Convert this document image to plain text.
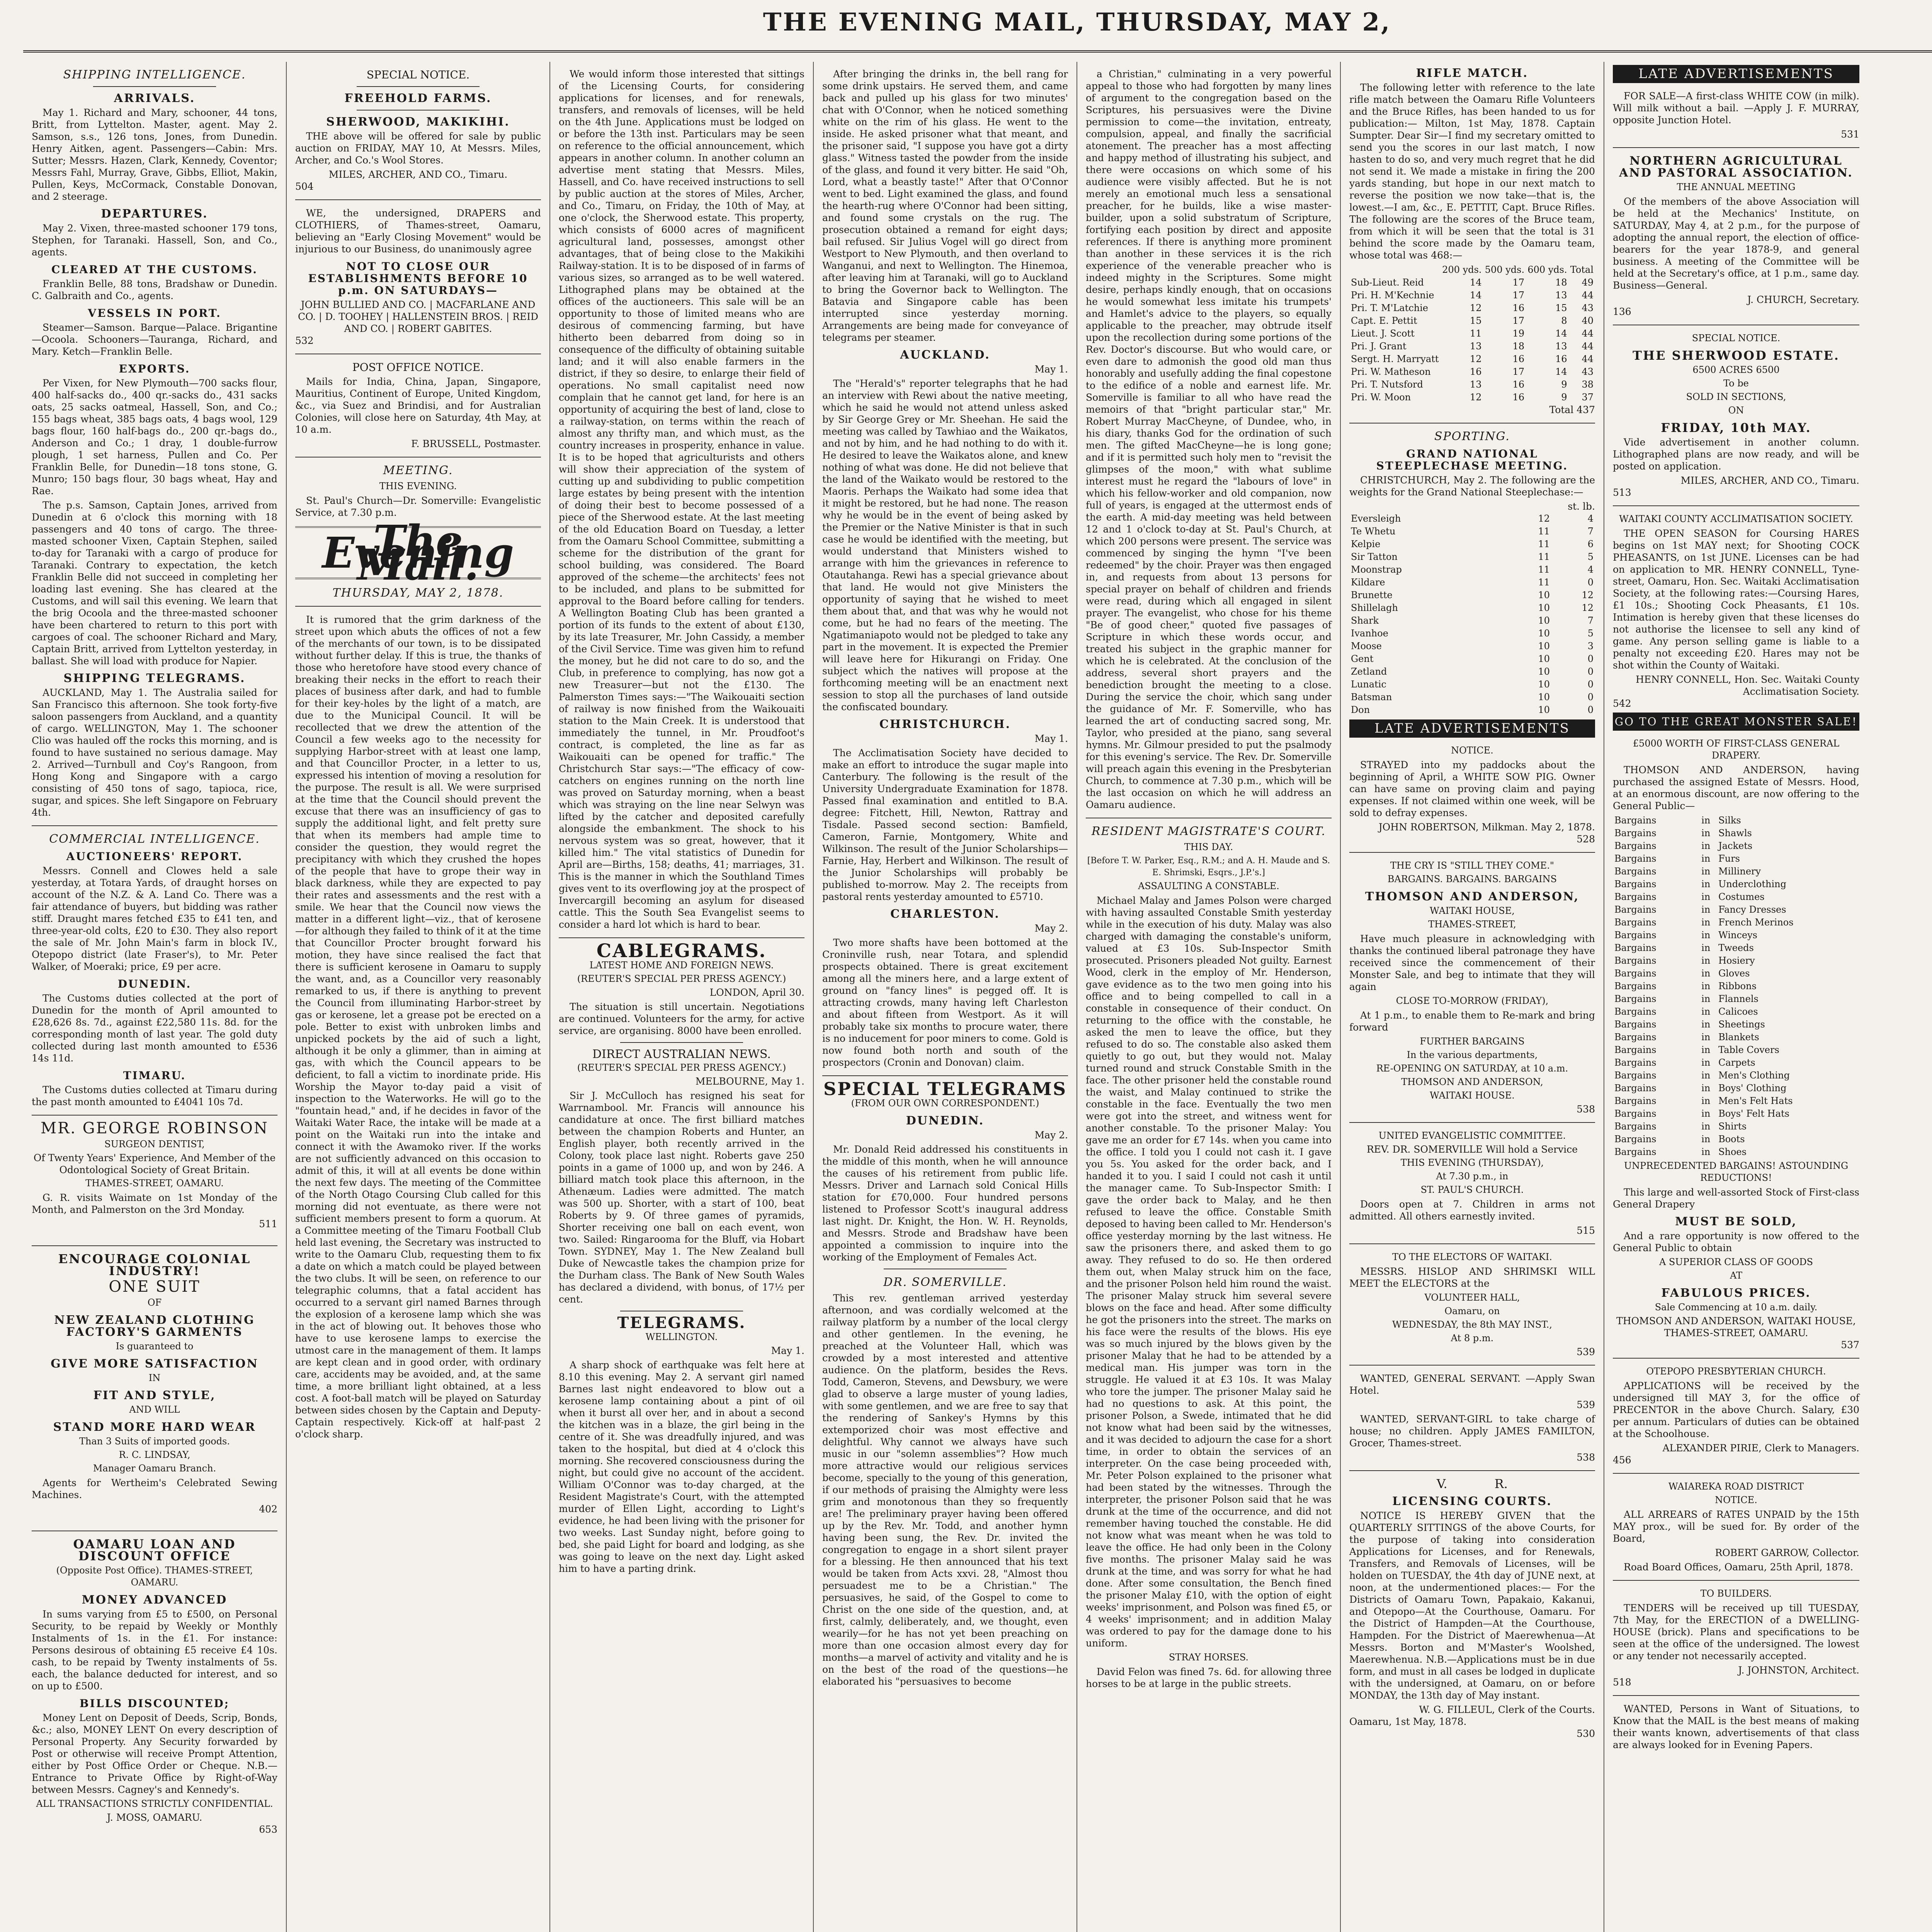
THE EVENING MAIL, THURSDAY, MAY 2,
SHIPPING INTELLIGENCE.
ARRIVALS.
May 1. Richard and Mary, schooner, 44 tons, Britt, from Lyttelton. Master, agent. May 2. Samson, s.s., 126 tons, Jones, from Dunedin. Henry Aitken, agent. Passengers—Cabin: Mrs. Sutter; Messrs. Hazen, Clark, Kennedy, Coventor; Messrs Fahl, Murray, Grave, Gibbs, Elliot, Makin, Pullen, Keys, McCormack, Constable Donovan, and 2 steerage.
DEPARTURES.
May 2. Vixen, three-masted schooner 179 tons, Stephen, for Taranaki. Hassell, Son, and Co., agents.
CLEARED AT THE CUSTOMS.
Franklin Belle, 88 tons, Bradshaw or Dunedin. C. Galbraith and Co., agents.
VESSELS IN PORT.
Steamer—Samson. Barque—Palace. Brigantine—Ocoola. Schooners—Tauranga, Richard, and Mary. Ketch—Franklin Belle.
EXPORTS.
Per Vixen, for New Plymouth—700 sacks flour, 400 half-sacks do., 400 qr.-sacks do., 431 sacks oats, 25 sacks oatmeal, Hassell, Son, and Co.; 155 bags wheat, 385 bags oats, 4 bags wool, 129 bags flour, 160 half-bags do., 200 qr.-bags do., Anderson and Co.; 1 dray, 1 double-furrow plough, 1 set harness, Pullen and Co. Per Franklin Belle, for Dunedin—18 tons stone, G. Munro; 150 bags flour, 30 bags wheat, Hay and Rae.
The p.s. Samson, Captain Jones, arrived from Dunedin at 6 o'clock this morning with 18 passengers and 40 tons of cargo. The three-masted schooner Vixen, Captain Stephen, sailed to-day for Taranaki with a cargo of produce for Taranaki. Contrary to expectation, the ketch Franklin Belle did not succeed in completing her loading last evening. She has cleared at the Customs, and will sail this evening. We learn that the brig Ocoola and the three-masted schooner have been chartered to return to this port with cargoes of coal. The schooner Richard and Mary, Captain Britt, arrived from Lyttelton yesterday, in ballast. She will load with produce for Napier.
SHIPPING TELEGRAMS.
AUCKLAND, May 1. The Australia sailed for San Francisco this afternoon. She took forty-five saloon passengers from Auckland, and a quantity of cargo. WELLINGTON, May 1. The schooner Clio was hauled off the rocks this morning, and is found to have sustained no serious damage. May 2. Arrived—Turnbull and Coy's Rangoon, from Hong Kong and Singapore with a cargo consisting of 450 tons of sago, tapioca, rice, sugar, and spices. She left Singapore on February 4th.
COMMERCIAL INTELLIGENCE.
AUCTIONEERS' REPORT.
Messrs. Connell and Clowes held a sale yesterday, at Totara Yards, of draught horses on account of the N.Z. & A. Land Co. There was a fair attendance of buyers, but bidding was rather stiff. Draught mares fetched £35 to £41 ten, and three-year-old colts, £20 to £30. They also report the sale of Mr. John Main's farm in block IV., Otepopo district (late Fraser's), to Mr. Peter Walker, of Moeraki; price, £9 per acre.
DUNEDIN.
The Customs duties collected at the port of Dunedin for the month of April amounted to £28,626 8s. 7d., against £22,580 11s. 8d. for the corresponding month of last year. The gold duty collected during last month amounted to £536 14s 11d.
TIMARU.
The Customs duties collected at Timaru during the past month amounted to £4041 10s 7d.
MR. GEORGE ROBINSON
SURGEON DENTIST,
Of Twenty Years' Experience, And Member of the Odontological Society of Great Britain.
THAMES-STREET, OAMARU.
G. R. visits Waimate on 1st Monday of the Month, and Palmerston on the 3rd Monday.
511
ENCOURAGE COLONIAL INDUSTRY!
ONE SUIT
OF
NEW ZEALAND CLOTHING FACTORY'S GARMENTS
Is guaranteed to
GIVE MORE SATISFACTION
IN
FIT AND STYLE,
AND WILL
STAND MORE HARD WEAR
Than 3 Suits of imported goods.
R. C. LINDSAY,
Manager Oamaru Branch.
Agents for Wertheim's Celebrated Sewing Machines.
402
OAMARU LOAN AND DISCOUNT OFFICE
(Opposite Post Office). THAMES-STREET, OAMARU.
MONEY ADVANCED
In sums varying from £5 to £500, on Personal Security, to be repaid by Weekly or Monthly Instalments of 1s. in the £1. For instance: Persons desirous of obtaining £5 receive £4 10s. cash, to be repaid by Twenty instalments of 5s. each, the balance deducted for interest, and so on up to £500.
BILLS DISCOUNTED;
Money Lent on Deposit of Deeds, Scrip, Bonds, &c.; also, MONEY LENT On every description of Personal Property. Any Security forwarded by Post or otherwise will receive Prompt Attention, either by Post Office Order or Cheque. N.B.—Entrance to Private Office by Right-of-Way between Messrs. Cagney's and Kennedy's.
ALL TRANSACTIONS STRICTLY CONFIDENTIAL.
J. MOSS, OAMARU.
653
SPECIAL NOTICE.
FREEHOLD FARMS.
SHERWOOD, MAKIKIHI.
THE above will be offered for sale by public auction on FRIDAY, MAY 10, At Messrs. Miles, Archer, and Co.'s Wool Stores.
MILES, ARCHER, AND CO., Timaru.
504
WE, the undersigned, DRAPERS and CLOTHIERS, of Thames-street, Oamaru, believing an "Early Closing Movement" would be injurious to our Business, do unanimously agree
NOT TO CLOSE OUR ESTABLISHMENTS BEFORE 10 p.m. ON SATURDAYS—
JOHN BULLIED AND CO. | MACFARLANE AND CO. | D. TOOHEY | HALLENSTEIN BROS. | REID AND CO. | ROBERT GABITES.
532
POST OFFICE NOTICE.
Mails for India, China, Japan, Singapore, Mauritius, Continent of Europe, United Kingdom, &c., via Suez and Brindisi, and for Australian Colonies, will close here on Saturday, 4th May, at 10 a.m.
F. BRUSSELL, Postmaster.
MEETING.
THIS EVENING.
St. Paul's Church—Dr. Somerville: Evangelistic Service, at 7.30 p.m.
The Evening Mail.
THURSDAY, MAY 2, 1878.
It is rumored that the grim darkness of the street upon which abuts the offices of not a few of the merchants of our town, is to be dissipated without further delay. If this is true, the thanks of those who heretofore have stood every chance of breaking their necks in the effort to reach their places of business after dark, and had to fumble for their key-holes by the light of a match, are due to the Municipal Council. It will be recollected that we drew the attention of the Council a few weeks ago to the necessity for supplying Harbor-street with at least one lamp, and that Councillor Procter, in a letter to us, expressed his intention of moving a resolution for the purpose. The result is all. We were surprised at the time that the Council should prevent the excuse that there was an insufficiency of gas to supply the additional light, and felt pretty sure that when its members had ample time to consider the question, they would regret the precipitancy with which they crushed the hopes of the people that have to grope their way in black darkness, while they are expected to pay their rates and assessments and the rest with a smile. We hear that the Council now views the matter in a different light—viz., that of kerosene—for although they failed to think of it at the time that Councillor Procter brought forward his motion, they have since realised the fact that there is sufficient kerosene in Oamaru to supply the want, and, as a Councillor very reasonably remarked to us, if there is anything to prevent the Council from illuminating Harbor-street by gas or kerosene, let a grease pot be erected on a pole. Better to exist with unbroken limbs and unpicked pockets by the aid of such a light, although it be only a glimmer, than in aiming at gas, with which the Council appears to be deficient, to fall a victim to inordinate pride. His Worship the Mayor to-day paid a visit of inspection to the Waterworks. He will go to the "fountain head," and, if he decides in favor of the Waitaki Water Race, the intake will be made at a point on the Waitaki run into the intake and connect it with the Awamoko river. If the works are not sufficiently advanced on this occasion to admit of this, it will at all events be done within the next few days. The meeting of the Committee of the North Otago Coursing Club called for this morning did not eventuate, as there were not sufficient members present to form a quorum. At a Committee meeting of the Timaru Football Club held last evening, the Secretary was instructed to write to the Oamaru Club, requesting them to fix a date on which a match could be played between the two clubs. It will be seen, on reference to our telegraphic columns, that a fatal accident has occurred to a servant girl named Barnes through the explosion of a kerosene lamp which she was in the act of blowing out. It behoves those who have to use kerosene lamps to exercise the utmost care in the management of them. It lamps are kept clean and in good order, with ordinary care, accidents may be avoided, and, at the same time, a more brilliant light obtained, at a less cost. A foot-ball match will be played on Saturday between sides chosen by the Captain and Deputy-Captain respectively. Kick-off at half-past 2 o'clock sharp.
We would inform those interested that sittings of the Licensing Courts, for considering applications for licenses, and for renewals, transfers, and removals of licenses, will be held on the 4th June. Applications must be lodged on or before the 13th inst. Particulars may be seen on reference to the official announcement, which appears in another column. In another column an advertise ment stating that Messrs. Miles, Hassell, and Co. have received instructions to sell by public auction at the stores of Miles, Archer, and Co., Timaru, on Friday, the 10th of May, at one o'clock, the Sherwood estate. This property, which consists of 6000 acres of magnificent agricultural land, possesses, amongst other advantages, that of being close to the Makikihi Railway-station. It is to be disposed of in farms of various sizes, so arranged as to be well watered. Lithographed plans may be obtained at the offices of the auctioneers. This sale will be an opportunity to those of limited means who are desirous of commencing farming, but have hitherto been debarred from doing so in consequence of the difficulty of obtaining suitable land; and it will also enable farmers in the district, if they so desire, to enlarge their field of operations. No small capitalist need now complain that he cannot get land, for here is an opportunity of acquiring the best of land, close to a railway-station, on terms within the reach of almost any thrifty man, and which must, as the country increases in prosperity, enhance in value. It is to be hoped that agriculturists and others will show their appreciation of the system of cutting up and subdividing to public competition large estates by being present with the intention of doing their best to become possessed of a piece of the Sherwood estate. At the last meeting of the old Education Board on Tuesday, a letter from the Oamaru School Committee, submitting a scheme for the distribution of the grant for school building, was considered. The Board approved of the scheme—the architects' fees not to be included, and plans to be submitted for approval to the Board before calling for tenders. A Wellington Boating Club has been granted a portion of its funds to the extent of about £130, by its late Treasurer, Mr. John Cassidy, a member of the Civil Service. Time was given him to refund the money, but he did not care to do so, and the Club, in preference to complying, has now got a new Treasurer—but not the £130. The Palmerston Times says:—"The Waikouaiti section of railway is now finished from the Waikouaiti station to the Main Creek. It is understood that immediately the tunnel, in Mr. Proudfoot's contract, is completed, the line as far as Waikouaiti can be opened for traffic." The Christchurch Star says:—"The efficacy of cow-catchers on engines running on the north line was proved on Saturday morning, when a beast which was straying on the line near Selwyn was lifted by the catcher and deposited carefully alongside the embankment. The shock to his nervous system was so great, however, that it killed him." The vital statistics of Dunedin for April are—Births, 158; deaths, 41; marriages, 31. This is the manner in which the Southland Times gives vent to its overflowing joy at the prospect of Invercargill becoming an asylum for diseased cattle. This the South Sea Evangelist seems to consider a hard lot which is hard to bear.
CABLEGRAMS.
LATEST HOME AND FOREIGN NEWS.
(REUTER'S SPECIAL PER PRESS AGENCY.)
LONDON, April 30.
The situation is still uncertain. Negotiations are continued. Volunteers for the army, for active service, are organising. 8000 have been enrolled.
DIRECT AUSTRALIAN NEWS.
(REUTER'S SPECIAL PER PRESS AGENCY.)
MELBOURNE, May 1.
Sir J. McCulloch has resigned his seat for Warrnambool. Mr. Francis will announce his candidature at once. The first billiard matches between the champion Roberts and Hunter, an English player, both recently arrived in the Colony, took place last night. Roberts gave 250 points in a game of 1000 up, and won by 246. A billiard match took place this afternoon, in the Athenæum. Ladies were admitted. The match was 500 up. Shorter, with a start of 100, beat Roberts by 9. Of three games of pyramids, Shorter receiving one ball on each event, won two. Sailed: Ringarooma for the Bluff, via Hobart Town. SYDNEY, May 1. The New Zealand bull Duke of Newcastle takes the champion prize for the Durham class. The Bank of New South Wales has declared a dividend, with bonus, of 17½ per cent.
TELEGRAMS.
WELLINGTON.
May 1.
A sharp shock of earthquake was felt here at 8.10 this evening. May 2. A servant girl named Barnes last night endeavored to blow out a kerosene lamp containing about a pint of oil when it burst all over her, and in about a second the kitchen was in a blaze, the girl being in the centre of it. She was dreadfully injured, and was taken to the hospital, but died at 4 o'clock this morning. She recovered consciousness during the night, but could give no account of the accident. William O'Connor was to-day charged, at the Resident Magistrate's Court, with the attempted murder of Ellen Light, according to Light's evidence, he had been living with the prisoner for two weeks. Last Sunday night, before going to bed, she paid Light for board and lodging, as she was going to leave on the next day. Light asked him to have a parting drink.
After bringing the drinks in, the bell rang for some drink upstairs. He served them, and came back and pulled up his glass for two minutes' chat with O'Connor, when he noticed something white on the rim of his glass. He went to the inside. He asked prisoner what that meant, and the prisoner said, "I suppose you have got a dirty glass." Witness tasted the powder from the inside of the glass, and found it very bitter. He said "Oh, Lord, what a beastly taste!" After that O'Connor went to bed. Light examined the glass, and found the hearth-rug where O'Connor had been sitting, and found some crystals on the rug. The prosecution obtained a remand for eight days; bail refused. Sir Julius Vogel will go direct from Westport to New Plymouth, and then overland to Wanganui, and next to Wellington. The Hinemoa, after leaving him at Taranaki, will go to Auckland to bring the Governor back to Wellington. The Batavia and Singapore cable has been interrupted since yesterday morning. Arrangements are being made for conveyance of telegrams per steamer.
AUCKLAND.
May 1.
The "Herald's" reporter telegraphs that he had an interview with Rewi about the native meeting, which he said he would not attend unless asked by Sir George Grey or Mr. Sheehan. He said the meeting was called by Tawhiao and the Waikatos, and not by him, and he had nothing to do with it. He desired to leave the Waikatos alone, and knew nothing of what was done. He did not believe that the land of the Waikato would be restored to the Maoris. Perhaps the Waikato had some idea that it might be restored, but he had none. The reason why he would be in the event of being asked by the Premier or the Native Minister is that in such case he would be identified with the meeting, but would understand that Ministers wished to arrange with him the grievances in reference to Otautahanga. Rewi has a special grievance about that land. He would not give Ministers the opportunity of saying that he wished to meet them about that, and that was why he would not come, but he had no fears of the meeting. The Ngatimaniapoto would not be pledged to take any part in the movement. It is expected the Premier will leave here for Hikurangi on Friday. One subject which the natives will propose at the forthcoming meeting will be an enactment next session to stop all the purchases of land outside the confiscated boundary.
CHRISTCHURCH.
May 1.
The Acclimatisation Society have decided to make an effort to introduce the sugar maple into Canterbury. The following is the result of the University Undergraduate Examination for 1878. Passed final examination and entitled to B.A. degree: Fitchett, Hill, Newton, Rattray and Tisdale. Passed second section: Bamfield, Cameron, Farnie, Montgomery, White and Wilkinson. The result of the Junior Scholarships—Farnie, Hay, Herbert and Wilkinson. The result of the Junior Scholarships will probably be published to-morrow. May 2. The receipts from pastoral rents yesterday amounted to £5710.
CHARLESTON.
May 2.
Two more shafts have been bottomed at the Croninville rush, near Totara, and splendid prospects obtained. There is great excitement among all the miners here, and a large extent of ground on "fancy lines" is pegged off. It is attracting crowds, many having left Charleston and about fifteen from Westport. As it will probably take six months to procure water, there is no inducement for poor miners to come. Gold is now found both north and south of the prospectors (Cronin and Donovan) claim.
SPECIAL TELEGRAMS
(FROM OUR OWN CORRESPONDENT.)
DUNEDIN.
May 2.
Mr. Donald Reid addressed his constituents in the middle of this month, when he will announce the causes of his retirement from public life. Messrs. Driver and Larnach sold Conical Hills station for £70,000. Four hundred persons listened to Professor Scott's inaugural address last night. Dr. Knight, the Hon. W. H. Reynolds, and Messrs. Strode and Bradshaw have been appointed a commission to inquire into the working of the Employment of Females Act.
DR. SOMERVILLE.
This rev. gentleman arrived yesterday afternoon, and was cordially welcomed at the railway platform by a number of the local clergy and other gentlemen. In the evening, he preached at the Volunteer Hall, which was crowded by a most interested and attentive audience. On the platform, besides the Revs. Todd, Cameron, Stevens, and Dewsbury, we were glad to observe a large muster of young ladies, with some gentlemen, and we are free to say that the rendering of Sankey's Hymns by this extemporized choir was most effective and delightful. Why cannot we always have such music in our "solemn assemblies"? How much more attractive would our religious services become, specially to the young of this generation, if our methods of praising the Almighty were less grim and monotonous than they so frequently are! The preliminary prayer having been offered up by the Rev. Mr. Todd, and another hymn having been sung, the Rev. Dr. invited the congregation to engage in a short silent prayer for a blessing. He then announced that his text would be taken from Acts xxvi. 28, "Almost thou persuadest me to be a Christian." The persuasives, he said, of the Gospel to come to Christ on the one side of the question, and, at first, calmly, deliberately, and, we thought, even wearily—for he has not yet been preaching on more than one occasion almost every day for months—a marvel of activity and vitality and he is on the best of the road of the questions—he elaborated his "persuasives to become
a Christian," culminating in a very powerful appeal to those who had forgotten by many lines of argument to the congregation based on the Scriptures, his persuasives were the Divine permission to come—the invitation, entreaty, compulsion, appeal, and finally the sacrificial atonement. The preacher has a most affecting and happy method of illustrating his subject, and there were occasions on which some of his audience were visibly affected. But he is not merely an emotional much less a sensational preacher, for he builds, like a wise master-builder, upon a solid substratum of Scripture, fortifying each position by direct and apposite references. If there is anything more prominent than another in these services it is the rich experience of the venerable preacher who is indeed mighty in the Scriptures. Some might desire, perhaps kindly enough, that on occasions he would somewhat less imitate his trumpets' and Hamlet's advice to the players, so equally applicable to the preacher, may obtrude itself upon the recollection during some portions of the Rev. Doctor's discourse. But who would care, or even dare to admonish the good old man thus honorably and usefully adding the final copestone to the edifice of a noble and earnest life. Mr. Somerville is familiar to all who have read the memoirs of that "bright particular star," Mr. Robert Murray MacCheyne, of Dundee, who, in his diary, thanks God for the ordination of such men. The gifted MacCheyne—he is long gone; and if it is permitted such holy men to "revisit the glimpses of the moon," with what sublime interest must he regard the "labours of love" in which his fellow-worker and old companion, now full of years, is engaged at the uttermost ends of the earth. A mid-day meeting was held between 12 and 1 o'clock to-day at St. Paul's Church, at which 200 persons were present. The service was commenced by singing the hymn "I've been redeemed" by the choir. Prayer was then engaged in, and requests from about 13 persons for special prayer on behalf of children and friends were read, during which all engaged in silent prayer. The evangelist, who chose for his theme "Be of good cheer," quoted five passages of Scripture in which these words occur, and treated his subject in the graphic manner for which he is celebrated. At the conclusion of the address, several short prayers and the benediction brought the meeting to a close. During the service the choir, which sang under the guidance of Mr. F. Somerville, who has learned the art of conducting sacred song, Mr. Taylor, who presided at the piano, sang several hymns. Mr. Gilmour presided to put the psalmody for this evening's service. The Rev. Dr. Somerville will preach again this evening in the Presbyterian Church, to commence at 7.30 p.m., which will be the last occasion on which he will address an Oamaru audience.
RESIDENT MAGISTRATE'S COURT.
THIS DAY.
[Before T. W. Parker, Esq., R.M.; and A. H. Maude and S. E. Shrimski, Esqrs., J.P.'s.]
ASSAULTING A CONSTABLE.
Michael Malay and James Polson were charged with having assaulted Constable Smith yesterday while in the execution of his duty. Malay was also charged with damaging the constable's uniform, valued at £3 10s. Sub-Inspector Smith prosecuted. Prisoners pleaded Not guilty. Earnest Wood, clerk in the employ of Mr. Henderson, gave evidence as to the two men going into his office and to being compelled to call in a constable in consequence of their conduct. On returning to the office with the constable, he asked the men to leave the office, but they refused to do so. The constable also asked them quietly to go out, but they would not. Malay turned round and struck Constable Smith in the face. The other prisoner held the constable round the waist, and Malay continued to strike the constable in the face. Eventually the two men were got into the street, and witness went for another constable. To the prisoner Malay: You gave me an order for £7 14s. when you came into the office. I told you I could not cash it. I gave you 5s. You asked for the order back, and I handed it to you. I said I could not cash it until the manager came. To Sub-Inspector Smith: I gave the order back to Malay, and he then refused to leave the office. Constable Smith deposed to having been called to Mr. Henderson's office yesterday morning by the last witness. He saw the prisoners there, and asked them to go away. They refused to do so. He then ordered them out, when Malay struck him on the face, and the prisoner Polson held him round the waist. The prisoner Malay struck him several severe blows on the face and head. After some difficulty he got the prisoners into the street. The marks on his face were the results of the blows. His eye was so much injured by the blows given by the prisoner Malay that he had to be attended by a medical man. His jumper was torn in the struggle. He valued it at £3 10s. It was Malay who tore the jumper. The prisoner Malay said he had no questions to ask. At this point, the prisoner Polson, a Swede, intimated that he did not know what had been said by the witnesses, and it was decided to adjourn the case for a short time, in order to obtain the services of an interpreter. On the case being proceeded with, Mr. Peter Polson explained to the prisoner what had been stated by the witnesses. Through the interpreter, the prisoner Polson said that he was drunk at the time of the occurrence, and did not remember having touched the constable. He did not know what was meant when he was told to leave the office. He had only been in the Colony five months. The prisoner Malay said he was drunk at the time, and was sorry for what he had done. After some consultation, the Bench fined the prisoner Malay £10, with the option of eight weeks' imprisonment, and Polson was fined £5, or 4 weeks' imprisonment; and in addition Malay was ordered to pay for the damage done to his uniform.
STRAY HORSES.
David Felon was fined 7s. 6d. for allowing three horses to be at large in the public streets.
RIFLE MATCH.
The following letter with reference to the late rifle match between the Oamaru Rifle Volunteers and the Bruce Rifles, has been handed to us for publication:— Milton, 1st May, 1878. Captain Sumpter. Dear Sir—I find my secretary omitted to send you the scores in our last match, I now hasten to do so, and very much regret that he did not send it. We made a mistake in firing the 200 yards standing, but hope in our next match to reverse the position we now take—that is, the lowest.—I am, &c., E. PETTIT, Capt. Bruce Rifles. The following are the scores of the Bruce team, from which it will be seen that the total is 31 behind the score made by the Oamaru team, whose total was 468:—
	200 yds.	500 yds.	600 yds.	Total
Sub-Lieut. Reid	14	17	18	49
Pri. H. M'Kechnie	14	17	13	44
Pri. T. M'Latchie	12	16	15	43
Capt. E. Pettit	15	17	8	40
Lieut. J. Scott	11	19	14	44
Pri. J. Grant	13	18	13	44
Sergt. H. Marryatt	12	16	16	44
Pri. W. Matheson	16	17	14	43
Pri. T. Nutsford	13	16	9	38
Pri. W. Moon	12	16	9	37
Total 437
SPORTING.
GRAND NATIONAL STEEPLECHASE MEETING.
CHRISTCHURCH, May 2. The following are the weights for the Grand National Steeplechase:—
st. lb.
Eversleigh	12	4
Te Whetu	11	7
Kelpie	11	6
Sir Tatton	11	5
Moonstrap	11	4
Kildare	11	0
Brunette	10	12
Shillelagh	10	12
Shark	10	7
Ivanhoe	10	5
Moose	10	3
Gent	10	0
Zetland	10	0
Lunatic	10	0
Batsman	10	0
Don	10	0
LATE ADVERTISEMENTS
NOTICE.
STRAYED into my paddocks about the beginning of April, a WHITE SOW PIG. Owner can have same on proving claim and paying expenses. If not claimed within one week, will be sold to defray expenses.
JOHN ROBERTSON, Milkman. May 2, 1878.
528
THE CRY IS "STILL THEY COME."
BARGAINS. BARGAINS. BARGAINS
THOMSON AND ANDERSON,
WAITAKI HOUSE,
THAMES-STREET,
Have much pleasure in acknowledging with thanks the continued liberal patronage they have received since the commencement of their Monster Sale, and beg to intimate that they will again
CLOSE TO-MORROW (FRIDAY),
At 1 p.m., to enable them to Re-mark and bring forward
FURTHER BARGAINS
In the various departments,
RE-OPENING ON SATURDAY, at 10 a.m.
THOMSON AND ANDERSON,
WAITAKI HOUSE.
538
UNITED EVANGELISTIC COMMITTEE.
REV. DR. SOMERVILLE Will hold a Service
THIS EVENING (THURSDAY),
At 7.30 p.m., in
ST. PAUL'S CHURCH.
Doors open at 7. Children in arms not admitted. All others earnestly invited.
515
TO THE ELECTORS OF WAITAKI.
MESSRS. HISLOP AND SHRIMSKI WILL MEET the ELECTORS at the
VOLUNTEER HALL,
Oamaru, on
WEDNESDAY, the 8th MAY INST.,
At 8 p.m.
539
WANTED, GENERAL SERVANT. —Apply Swan Hotel.
539
WANTED, SERVANT-GIRL to take charge of house; no children. Apply JAMES FAMILTON, Grocer, Thames-street.
538
V.            R.
LICENSING COURTS.
NOTICE IS HEREBY GIVEN that the QUARTERLY SITTINGS of the above Courts, for the purpose of taking into consideration Applications for Licenses, and for Renewals, Transfers, and Removals of Licenses, will be holden on TUESDAY, the 4th day of JUNE next, at noon, at the undermentioned places:— For the Districts of Oamaru Town, Papakaio, Kakanui, and Otepopo—At the Courthouse, Oamaru. For the District of Hampden—At the Courthouse, Hampden. For the District of Maerewhenua—At Messrs. Borton and M'Master's Woolshed, Maerewhenua. N.B.—Applications must be in due form, and must in all cases be lodged in duplicate with the undersigned, at Oamaru, on or before MONDAY, the 13th day of May instant.
W. G. FILLEUL, Clerk of the Courts.
Oamaru, 1st May, 1878.
530
LATE ADVERTISEMENTS
FOR SALE—A first-class WHITE COW (in milk). Will milk without a bail. —Apply J. F. MURRAY, opposite Junction Hotel.
531
NORTHERN AGRICULTURAL AND PASTORAL ASSOCIATION.
THE ANNUAL MEETING
Of the members of the above Association will be held at the Mechanics' Institute, on SATURDAY, May 4, at 2 p.m., for the purpose of adopting the annual report, the election of office-bearers for the year 1878-9, and general business. A meeting of the Committee will be held at the Secretary's office, at 1 p.m., same day. Business—General.
J. CHURCH, Secretary.
136
SPECIAL NOTICE.
THE SHERWOOD ESTATE.
6500 ACRES 6500
To be
SOLD IN SECTIONS,
ON
FRIDAY, 10th MAY.
Vide advertisement in another column. Lithographed plans are now ready, and will be posted on application.
MILES, ARCHER, AND CO., Timaru.
513
WAITAKI COUNTY ACCLIMATISATION SOCIETY.
THE OPEN SEASON for Coursing HARES begins on 1st MAY next; for Shooting COCK PHEASANTS, on 1st JUNE. Licenses can be had on application to MR. HENRY CONNELL, Tyne-street, Oamaru, Hon. Sec. Waitaki Acclimatisation Society, at the following rates:—Coursing Hares, £1 10s.; Shooting Cock Pheasants, £1 10s. Intimation is hereby given that these licenses do not authorise the licensee to sell any kind of game. Any person selling game is liable to a penalty not exceeding £20. Hares may not be shot within the County of Waitaki.
HENRY CONNELL, Hon. Sec. Waitaki County Acclimatisation Society.
542
GO TO THE GREAT MONSTER SALE!
£5000 WORTH OF FIRST-CLASS GENERAL DRAPERY.
THOMSON AND ANDERSON, having purchased the assigned Estate of Messrs. Hood, at an enormous discount, are now offering to the General Public—
Bargains	in	Silks
Bargains	in	Shawls
Bargains	in	Jackets
Bargains	in	Furs
Bargains	in	Millinery
Bargains	in	Underclothing
Bargains	in	Costumes
Bargains	in	Fancy Dresses
Bargains	in	French Merinos
Bargains	in	Winceys
Bargains	in	Tweeds
Bargains	in	Hosiery
Bargains	in	Gloves
Bargains	in	Ribbons
Bargains	in	Flannels
Bargains	in	Calicoes
Bargains	in	Sheetings
Bargains	in	Blankets
Bargains	in	Table Covers
Bargains	in	Carpets
Bargains	in	Men's Clothing
Bargains	in	Boys' Clothing
Bargains	in	Men's Felt Hats
Bargains	in	Boys' Felt Hats
Bargains	in	Shirts
Bargains	in	Boots
Bargains	in	Shoes
UNPRECEDENTED BARGAINS! ASTOUNDING REDUCTIONS!
This large and well-assorted Stock of First-class General Drapery
MUST BE SOLD,
And a rare opportunity is now offered to the General Public to obtain
A SUPERIOR CLASS OF GOODS
AT
FABULOUS PRICES.
Sale Commencing at 10 a.m. daily.
THOMSON AND ANDERSON, WAITAKI HOUSE, THAMES-STREET, OAMARU.
537
OTEPOPO PRESBYTERIAN CHURCH.
APPLICATIONS will be received by the undersigned till MAY 3, for the office of PRECENTOR in the above Church. Salary, £30 per annum. Particulars of duties can be obtained at the Schoolhouse.
ALEXANDER PIRIE, Clerk to Managers.
456
WAIAREKA ROAD DISTRICT
NOTICE.
ALL ARREARS of RATES UNPAID by the 15th MAY prox., will be sued for. By order of the Board,
ROBERT GARROW, Collector.
Road Board Offices, Oamaru, 25th April, 1878.
TO BUILDERS.
TENDERS will be received up till TUESDAY, 7th May, for the ERECTION of a DWELLING-HOUSE (brick). Plans and specifications to be seen at the office of the undersigned. The lowest or any tender not necessarily accepted.
J. JOHNSTON, Architect.
518
WANTED, Persons in Want of Situations, to Know that the MAIL is the best means of making their wants known, advertisements of that class are always looked for in Evening Papers.
